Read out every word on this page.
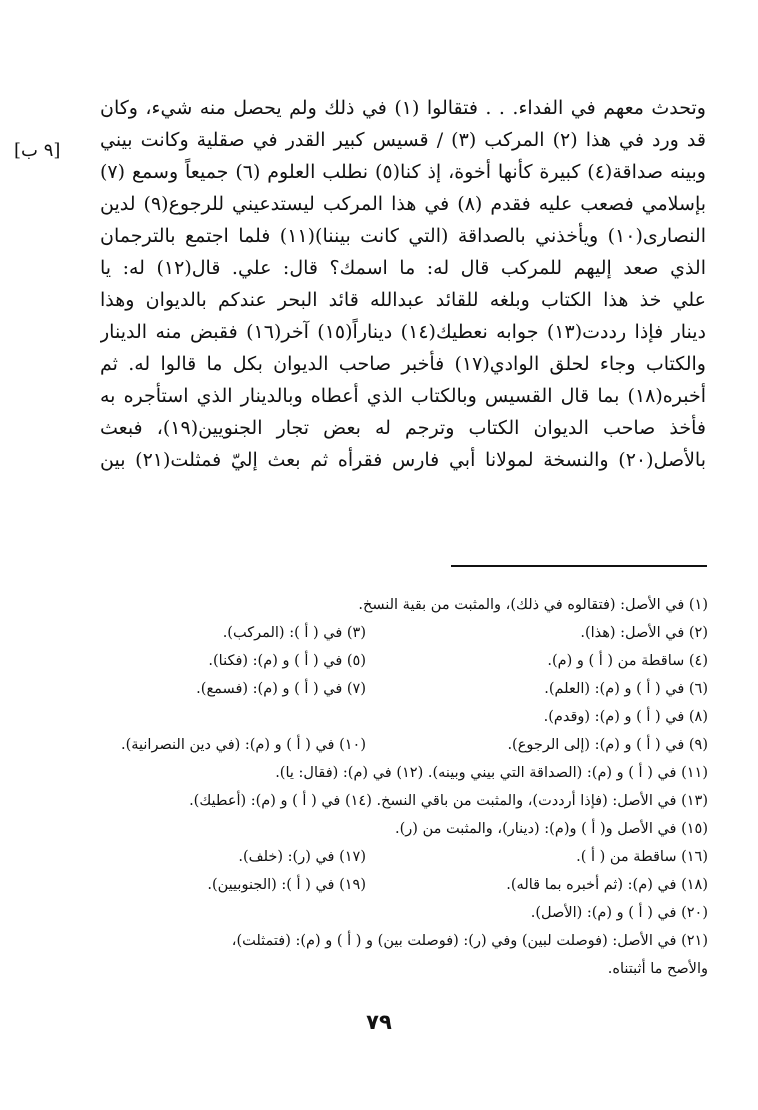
[٩ ب]
وتحدث معهم في الفداء. . . فتقالوا (١) في ذلك ولم يحصل منه شيء، وكان
قد ورد في هذا (٢) المركب (٣) / قسيس كبير القدر في صقلية وكانت بيني
وبينه صداقة(٤) كبيرة كأنها أخوة، إذ كنا(٥) نطلب العلوم (٦) جميعاً وسمع (٧)
بإسلامي فصعب عليه فقدم (٨) في هذا المركب ليستدعيني للرجوع(٩) لدين
النصارى(١٠) ويأخذني بالصداقة (التي كانت بيننا)(١١) فلما اجتمع بالترجمان
الذي صعد إليهم للمركب قال له: ما اسمك؟ قال: علي. قال(١٢) له: يا
علي خذ هذا الكتاب وبلغه للقائد عبدالله قائد البحر عندكم بالديوان وهذا
دينار فإذا رددت(١٣) جوابه نعطيك(١٤) ديناراً(١٥) آخر(١٦) فقبض منه الدينار
والكتاب وجاء لحلق الوادي(١٧) فأخبر صاحب الديوان بكل ما قالوا له. ثم
أخبره(١٨) بما قال القسيس وبالكتاب الذي أعطاه وبالدينار الذي استأجره به
فأخذ صاحب الديوان الكتاب وترجم له بعض تجار الجنويين(١٩)، فبعث
بالأصل(٢٠) والنسخة لمولانا أبي فارس فقرأه ثم بعث إليّ فمثلت(٢١) بين
(١) في الأصل: (فتقالوه في ذلك)، والمثبت من بقية النسخ.
(٢) في الأصل: (هذا).
(٣) في ( أ ): (المركب).
(٤) ساقطة من ( أ ) و (م).
(٥) في ( أ ) و (م): (فكنا).
(٦) في ( أ ) و (م): (العلم).
(٧) في ( أ ) و (م): (فسمع).
(٨) في ( أ ) و (م): (وقدم).
(٩) في ( أ ) و (م): (إلى الرجوع).
(١٠) في ( أ ) و (م): (في دين النصرانية).
(١١) في ( أ ) و (م): (الصداقة التي بيني وبينه). (١٢) في (م): (فقال: يا).
(١٣) في الأصل: (فإذا أرددت)، والمثبت من باقي النسخ. (١٤) في ( أ ) و (م): (أعطيك).
(١٥) في الأصل و( أ ) و(م): (دينار)، والمثبت من (ر).
(١٦) ساقطة من ( أ ).
(١٧) في (ر): (خلف).
(١٨) في (م): (ثم أخبره بما قاله).
(١٩) في ( أ ): (الجنوبيين).
(٢٠) في ( أ ) و (م): (الأصل).
(٢١) في الأصل: (فوصلت لبين) وفي (ر): (فوصلت بين) و ( أ ) و (م): (فتمثلت)،
والأصح ما أثبتناه.
٧٩
